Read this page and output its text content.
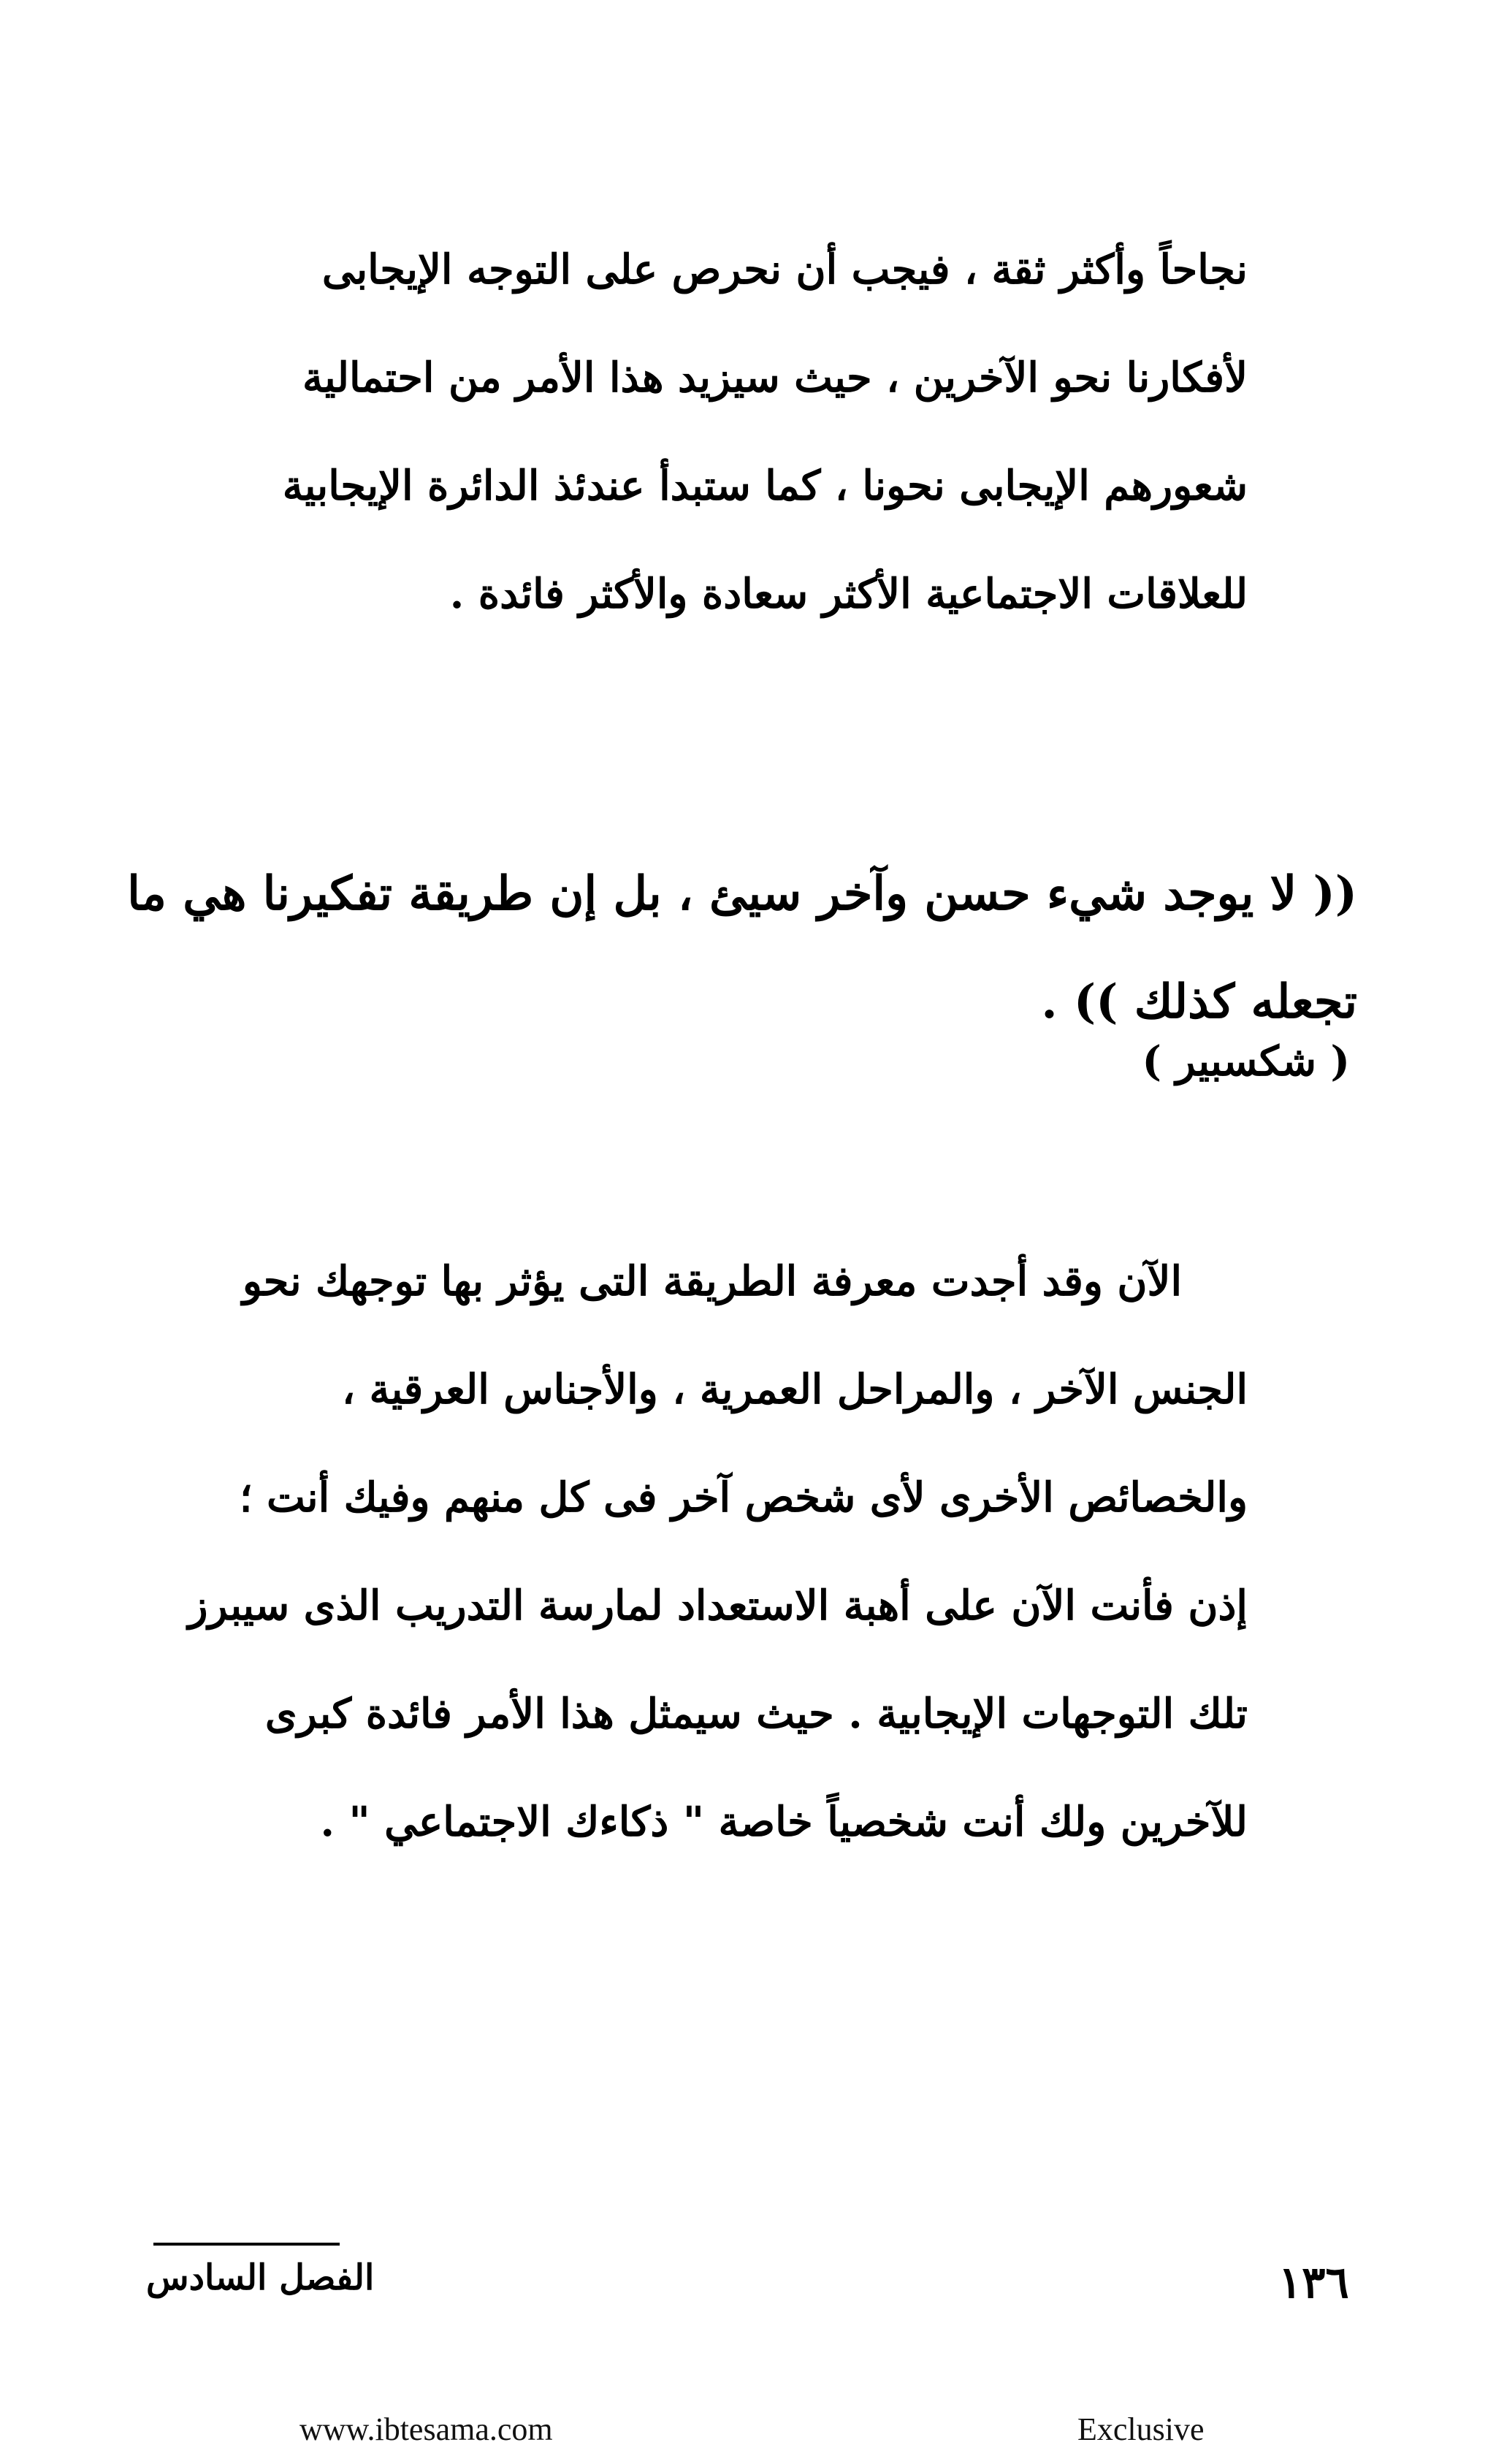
نجاحاً وأكثر ثقة ، فيجب أن نحرص على التوجه الإيجابى
لأفكارنا نحو الآخرين ، حيث سيزيد هذا الأمر من احتمالية
شعورهم الإيجابى نحونا ، كما ستبدأ عندئذ الدائرة الإيجابية
للعلاقات الاجتماعية الأكثر سعادة والأكثر فائدة .
(( لا يوجد شيء حسن وآخر سيئ ، بل إن طريقة تفكيرنا هي ما
تجعله كذلك )) .
( شكسبير )
الآن وقد أجدت معرفة الطريقة التى يؤثر بها توجهك نحو
الجنس الآخر ، والمراحل العمرية ، والأجناس العرقية ،
والخصائص الأخرى لأى شخص آخر فى كل منهم وفيك أنت ؛
إذن فأنت الآن على أهبة الاستعداد لمارسة التدريب الذى سيبرز
تلك التوجهات الإيجابية . حيث سيمثل هذا الأمر فائدة كبرى
للآخرين ولك أنت شخصياً خاصة " ذكاءك الاجتماعي " .
الفصل السادس	١٣٦
www.ibtesama.com	Exclusive
